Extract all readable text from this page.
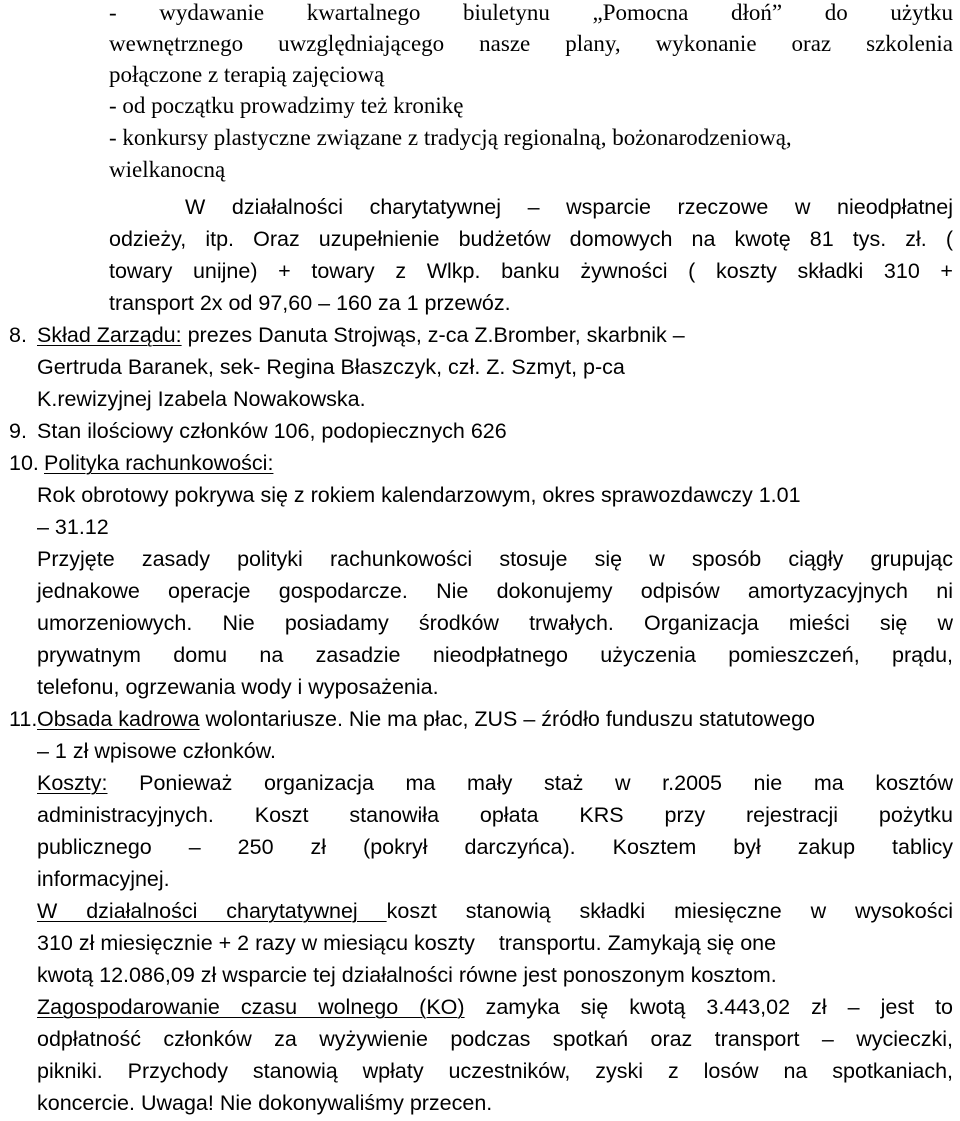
- wydawanie kwartalnego biuletynu „Pomocna dłoń” do użytku
wewnętrznego uwzględniającego nasze plany, wykonanie oraz szkolenia
połączone z terapią zajęciową
- od początku prowadzimy też kronikę
- konkursy plastyczne związane z tradycją regionalną, bożonarodzeniową,
wielkanocną
W działalności charytatywnej – wsparcie rzeczowe w nieodpłatnej
odzieży, itp. Oraz uzupełnienie budżetów domowych na kwotę 81 tys. zł. (
towary unijne) + towary z Wlkp. banku żywności ( koszty składki 310 +
transport 2x od 97,60 – 160 za 1 przewóz.
8. Skład Zarządu: prezes Danuta Strojwąs, z-ca Z.Bromber, skarbnik –
Gertruda Baranek, sek- Regina Błaszczyk, czł. Z. Szmyt, p-ca
K.rewizyjnej Izabela Nowakowska.
9. Stan ilościowy członków 106, podopiecznych 626
10. Polityka rachunkowości:
Rok obrotowy pokrywa się z rokiem kalendarzowym, okres sprawozdawczy 1.01
– 31.12
Przyjęte zasady polityki rachunkowości stosuje się w sposób ciągły grupując
jednakowe operacje gospodarcze. Nie dokonujemy odpisów amortyzacyjnych ni
umorzeniowych. Nie posiadamy środków trwałych. Organizacja mieści się w
prywatnym domu na zasadzie nieodpłatnego użyczenia pomieszczeń, prądu,
telefonu, ogrzewania wody i wyposażenia.
11. Obsada kadrowa wolontariusze. Nie ma płac, ZUS – źródło funduszu statutowego
– 1 zł wpisowe członków.
Koszty: Ponieważ organizacja ma mały staż w r.2005 nie ma kosztów
administracyjnych. Koszt stanowiła opłata KRS przy rejestracji pożytku
publicznego – 250 zł (pokrył darczyńca). Kosztem był zakup tablicy
informacyjnej.
W działalności charytatywnej koszt stanowią składki miesięczne w wysokości
310 zł miesięcznie + 2 razy w miesiącu koszty    transportu. Zamykają się one
kwotą 12.086,09 zł wsparcie tej działalności równe jest ponoszonym kosztom.
Zagospodarowanie czasu wolnego (KO) zamyka się kwotą 3.443,02 zł – jest to
odpłatność członków za wyżywienie podczas spotkań oraz transport – wycieczki,
pikniki. Przychody stanowią wpłaty uczestników, zyski z losów na spotkaniach,
koncercie. Uwaga! Nie dokonywaliśmy przecen.
